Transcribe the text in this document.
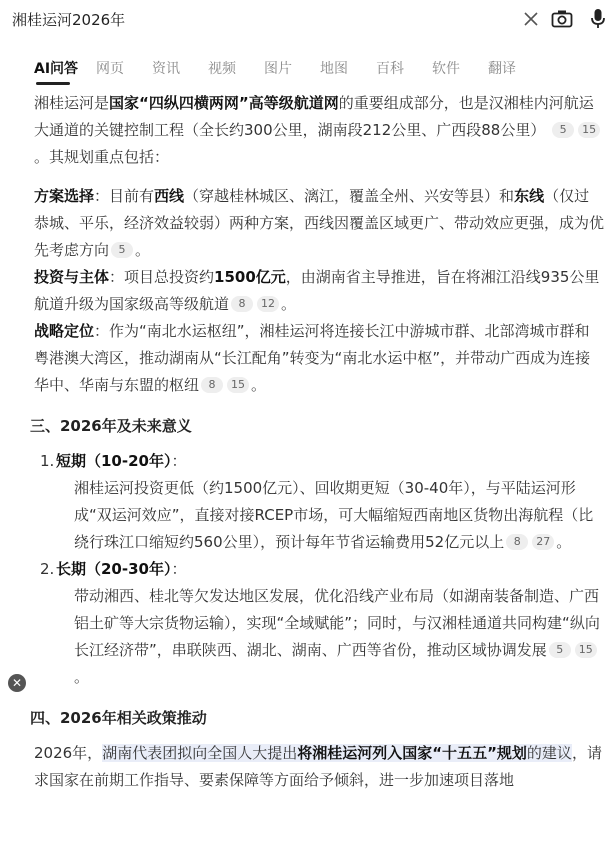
湘桂运河2026年
AI问答 网页 资讯 视频 图片 地图 百科 软件 翻译

湘桂运河是国家“四纵四横两网”高等级航道网的重要组成部分，也是汉湘桂内河航运大通道的关键控制工程（全长约300公里，湖南段212公里、广西段88公里） 5 15。其规划重点包括：

方案选择：目前有西线（穿越桂林城区、漓江，覆盖全州、兴安等县）和东线（仅过恭城、平乐，经济效益较弱）两种方案，西线因覆盖区域更广、带动效应更强，成为优先考虑方向 5 。

投资与主体：项目总投资约1500亿元，由湖南省主导推进，旨在将湘江沿线935公里航道升级为国家级高等级航道 8 12 。

战略定位：作为“南北水运枢纽”，湘桂运河将连接长江中游城市群、北部湾城市群和粤港澳大湾区，推动湖南从“长江配角”转变为“南北水运中枢”，并带动广西成为连接华中、华南与东盟的枢纽 8 15 。

三、2026年及未来意义
1. 短期（10-20年）：

湘桂运河投资更低（约1500亿元）、回收期更短（30-40年），与平陆运河形成“双运河效应”，直接对接RCEP市场，可大幅缩短西南地区货物出海航程（比绕行珠江口缩短约560公里），预计每年节省运输费用52亿元以上 8 27 。

2. 长期（20-30年）：

带动湘西、桂北等欠发达地区发展，优化沿线产业布局（如湖南装备制造、广西铝土矿等大宗货物运输），实现“全域赋能”；同时，与汉湘桂通道共同构建“纵向长江经济带”，串联陕西、湖北、湖南、广西等省份，推动区域协调发展 5 15。

四、2026年相关政策推动

2026年，湖南代表团拟向全国人大提出将湘桂运河列入国家“十五五”规划的建议，请求国家在前期工作指导、要素保障等方面给予倾斜，进一步加速项目落地

✕
